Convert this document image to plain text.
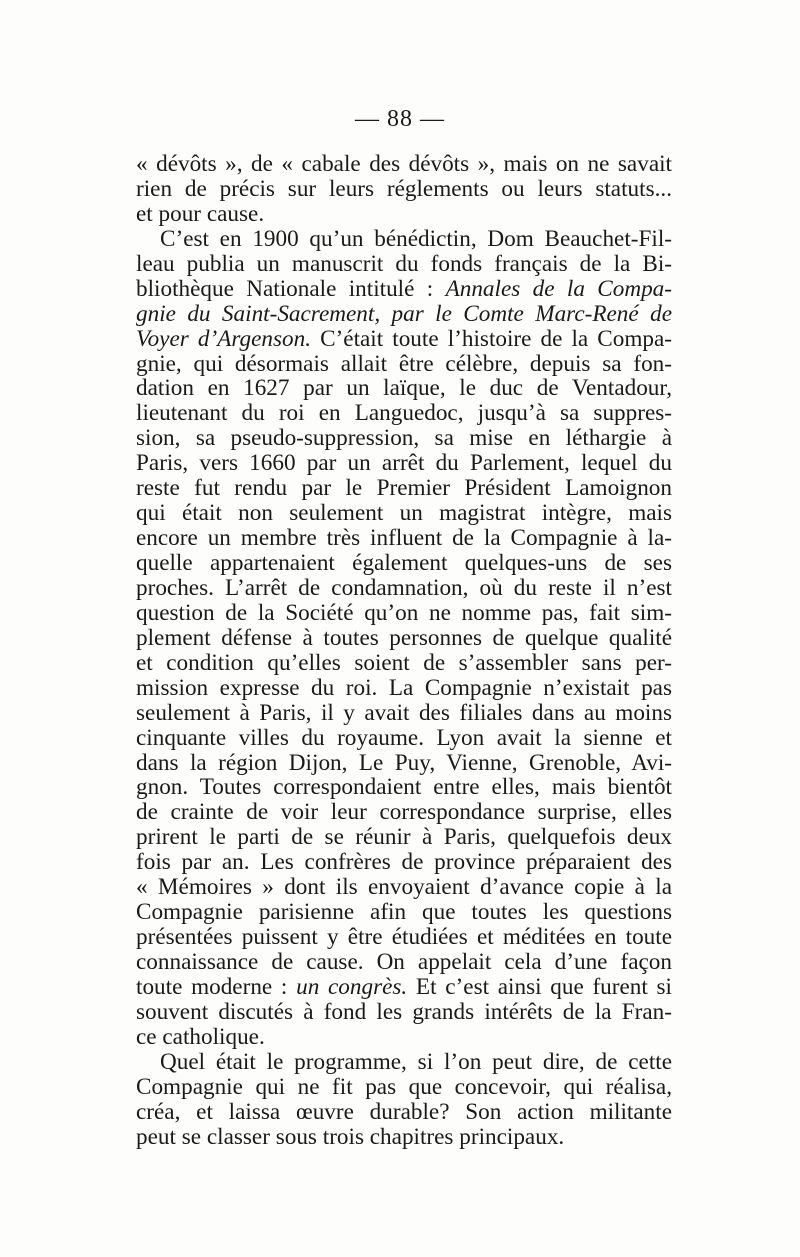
— 88 —
« dévôts », de « cabale des dévôts », mais on ne savait
rien de précis sur leurs réglements ou leurs statuts...
et pour cause.
C’est en 1900 qu’un bénédictin, Dom Beauchet-Fil-
leau publia un manuscrit du fonds français de la Bi-
bliothèque Nationale intitulé : Annales de la Compa-
gnie du Saint-Sacrement, par le Comte Marc-René de
Voyer d’Argenson. C’était toute l’histoire de la Compa-
gnie, qui désormais allait être célèbre, depuis sa fon-
dation en 1627 par un laïque, le duc de Ventadour,
lieutenant du roi en Languedoc, jusqu’à sa suppres-
sion, sa pseudo-suppression, sa mise en léthargie à
Paris, vers 1660 par un arrêt du Parlement, lequel du
reste fut rendu par le Premier Président Lamoignon
qui était non seulement un magistrat intègre, mais
encore un membre très influent de la Compagnie à la-
quelle appartenaient également quelques-uns de ses
proches. L’arrêt de condamnation, où du reste il n’est
question de la Société qu’on ne nomme pas, fait sim-
plement défense à toutes personnes de quelque qualité
et condition qu’elles soient de s’assembler sans per-
mission expresse du roi. La Compagnie n’existait pas
seulement à Paris, il y avait des filiales dans au moins
cinquante villes du royaume. Lyon avait la sienne et
dans la région Dijon, Le Puy, Vienne, Grenoble, Avi-
gnon. Toutes correspondaient entre elles, mais bientôt
de crainte de voir leur correspondance surprise, elles
prirent le parti de se réunir à Paris, quelquefois deux
fois par an. Les confrères de province préparaient des
« Mémoires » dont ils envoyaient d’avance copie à la
Compagnie parisienne afin que toutes les questions
présentées puissent y être étudiées et méditées en toute
connaissance de cause. On appelait cela d’une façon
toute moderne : un congrès. Et c’est ainsi que furent si
souvent discutés à fond les grands intérêts de la Fran-
ce catholique.
Quel était le programme, si l’on peut dire, de cette
Compagnie qui ne fit pas que concevoir, qui réalisa,
créa, et laissa œuvre durable? Son action militante
peut se classer sous trois chapitres principaux.
